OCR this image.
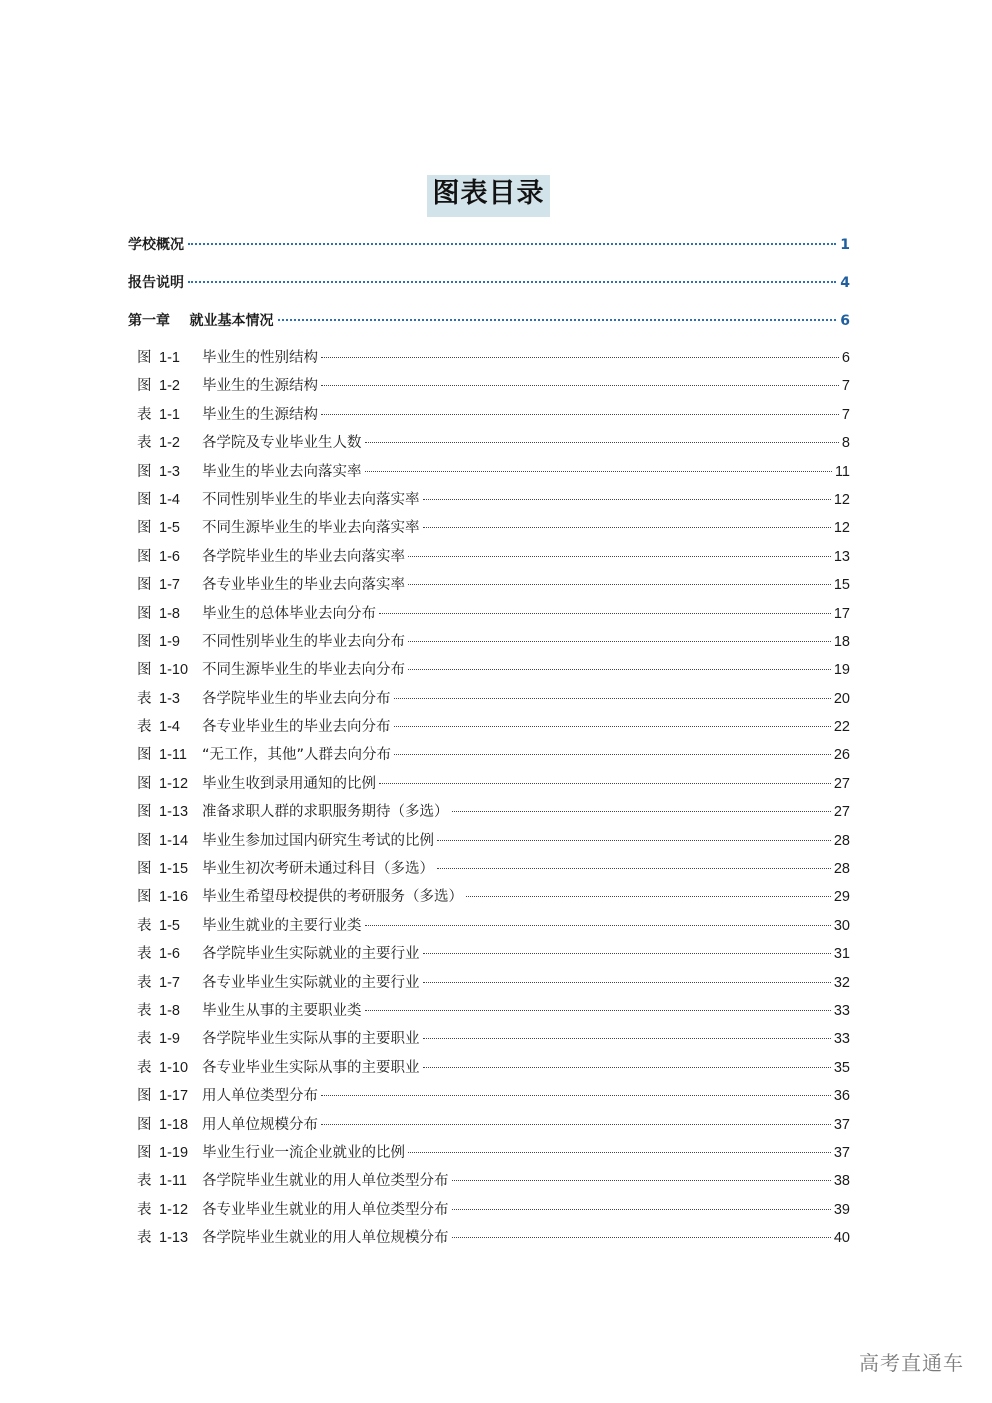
图表目录
学校概况	1
报告说明	4
第一章    就业基本情况	6
图 1-1	毕业生的性别结构	6
图 1-2	毕业生的生源结构	7
表 1-1	毕业生的生源结构	7
表 1-2	各学院及专业毕业生人数	8
图 1-3	毕业生的毕业去向落实率	11
图 1-4	不同性别毕业生的毕业去向落实率	12
图 1-5	不同生源毕业生的毕业去向落实率	12
图 1-6	各学院毕业生的毕业去向落实率	13
图 1-7	各专业毕业生的毕业去向落实率	15
图 1-8	毕业生的总体毕业去向分布	17
图 1-9	不同性别毕业生的毕业去向分布	18
图 1-10 不同生源毕业生的毕业去向分布	19
表 1-3	各学院毕业生的毕业去向分布	20
表 1-4	各专业毕业生的毕业去向分布	22
图 1-11	“无工作，其他”人群去向分布	26
图 1-12 毕业生收到录用通知的比例	27
图 1-13 准备求职人群的求职服务期待（多选）	27
图 1-14 毕业生参加过国内研究生考试的比例	28
图 1-15 毕业生初次考研未通过科目（多选）	28
图 1-16 毕业生希望母校提供的考研服务（多选）	29
表 1-5	毕业生就业的主要行业类	30
表 1-6	各学院毕业生实际就业的主要行业	31
表 1-7	各专业毕业生实际就业的主要行业	32
表 1-8	毕业生从事的主要职业类	33
表 1-9	各学院毕业生实际从事的主要职业	33
表 1-10 各专业毕业生实际从事的主要职业	35
图 1-17 用人单位类型分布	36
图 1-18 用人单位规模分布	37
图 1-19 毕业生行业一流企业就业的比例	37
表 1-11	各学院毕业生就业的用人单位类型分布	38
表 1-12 各专业毕业生就业的用人单位类型分布	39
表 1-13 各学院毕业生就业的用人单位规模分布	40
高考直通车
